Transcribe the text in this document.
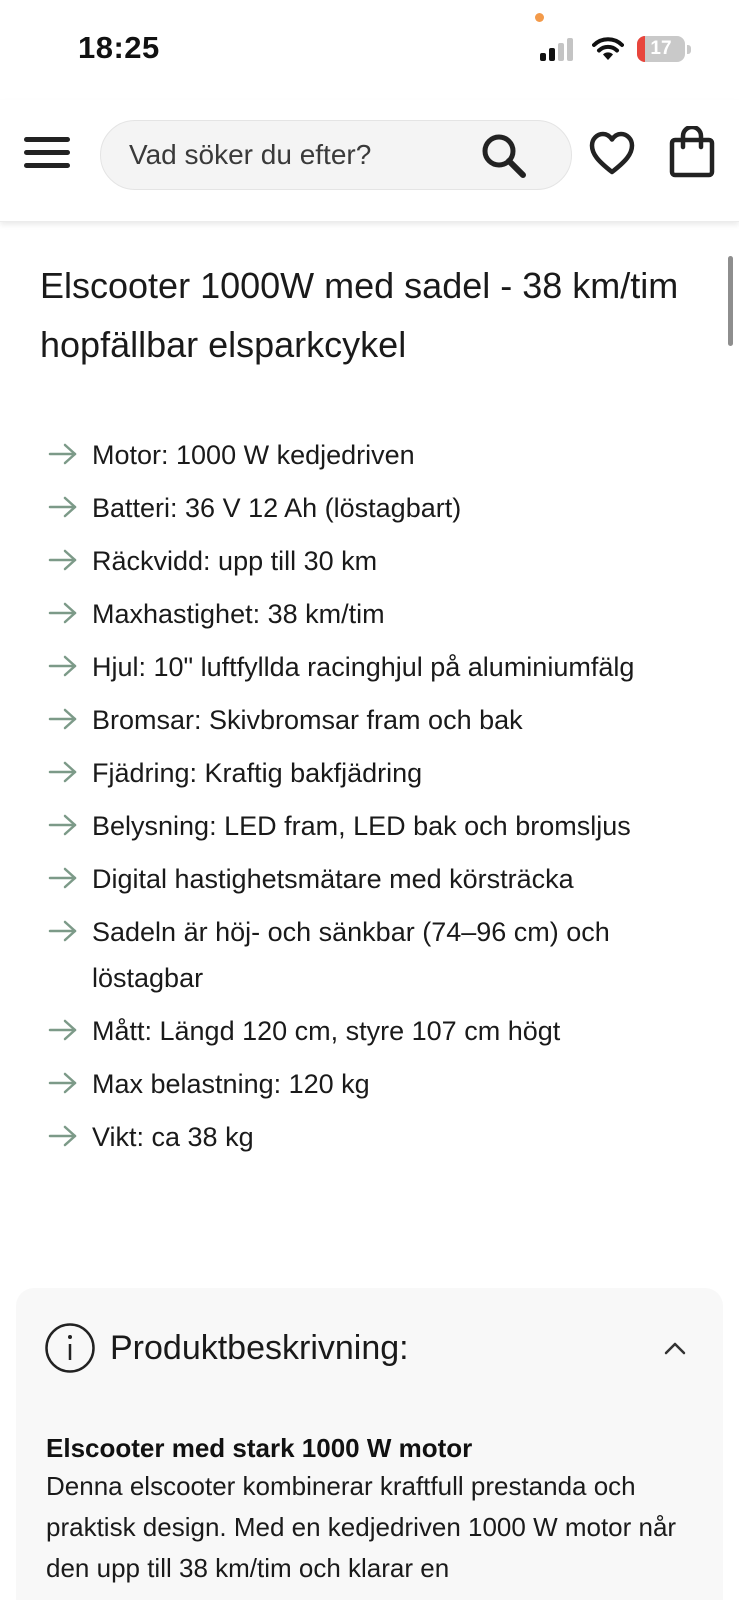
18:25	17
Vad söker du efter?
Elscooter 1000W med sadel - 38 km/tim hopfällbar elsparkcykel
Motor: 1000 W kedjedriven
Batteri: 36 V 12 Ah (löstagbart)
Räckvidd: upp till 30 km
Maxhastighet: 38 km/tim
Hjul: 10" luftfyllda racinghjul på aluminiumfälg
Bromsar: Skivbromsar fram och bak
Fjädring: Kraftig bakfjädring
Belysning: LED fram, LED bak och bromsljus
Digital hastighetsmätare med körsträcka
Sadeln är höj- och sänkbar (74–96 cm) och löstagbar
Mått: Längd 120 cm, styre 107 cm högt
Max belastning: 120 kg
Vikt: ca 38 kg
Produktbeskrivning:
Elscooter med stark 1000 W motor

Denna elscooter kombinerar kraftfull prestanda och praktisk design. Med en kedjedriven 1000 W motor når den upp till 38 km/tim och klarar en
